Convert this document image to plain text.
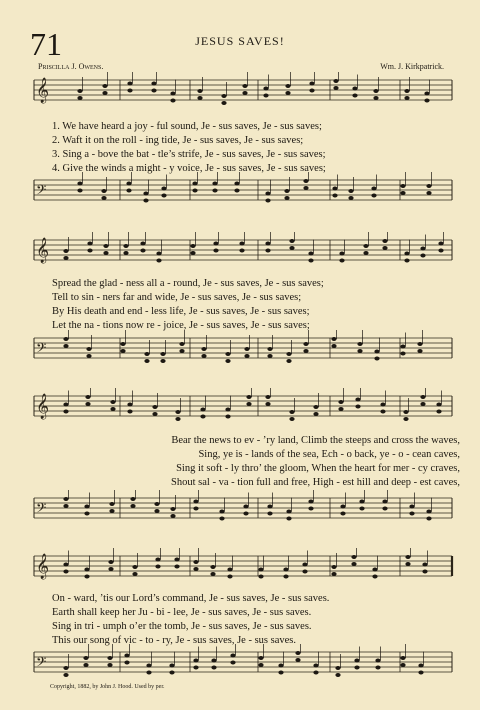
71	JESUS SAVES!
Priscilla J. Owens.	Wm. J. Kirkpatrick.
𝄞
1. We have heard a joy - ful sound, Je - sus saves, Je - sus saves;
2. Waft it on the roll - ing tide, Je - sus saves, Je - sus saves;
3. Sing a - bove the bat - tle’s strife, Je - sus saves, Je - sus saves;
4. Give the winds a might - y voice, Je - sus saves, Je - sus saves;
𝄢
𝄞
Spread the glad - ness all a - round, Je - sus saves, Je - sus saves;
Tell to sin - ners far and wide, Je - sus saves, Je - sus saves;
By His death and end - less life, Je - sus saves, Je - sus saves;
Let the na - tions now re - joice, Je - sus saves, Je - sus saves;
𝄢
𝄞
Bear the news to ev - ’ry land, Climb the steeps and cross the waves,
Sing, ye is - lands of the sea, Ech - o back, ye - o - cean caves,
Sing it soft - ly thro’ the gloom, When the heart for mer - cy craves,
Shout sal - va - tion full and free, High - est hill and deep - est caves,
𝄢
𝄞
On - ward, ’tis our Lord’s command, Je - sus saves, Je - sus saves.
Earth shall keep her Ju - bi - lee, Je - sus saves, Je - sus saves.
Sing in tri - umph o’er the tomb, Je - sus saves, Je - sus saves.
This our song of vic - to - ry, Je - sus saves, Je - sus saves.
𝄢
Copyright, 1882, by John J. Hood. Used by per.
